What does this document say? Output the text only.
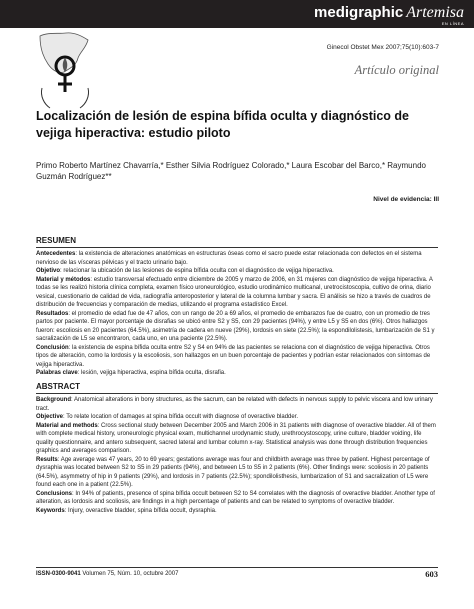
medigraphic Artemisa
EN LÍNEA
Ginecol Obstet Mex 2007;75(10):603-7
Artículo original
Localización de lesión de espina bífida oculta y diagnóstico de vejiga hiperactiva: estudio piloto
Primo Roberto Martínez Chavarría,* Esther Silvia Rodríguez Colorado,* Laura Escobar del Barco,* Raymundo Guzmán Rodríguez**
Nivel de evidencia: III
RESUMEN

Antecedentes: la existencia de alteraciones anatómicas en estructuras óseas como el sacro puede estar relacionada con defectos en el sistema nervioso de las vísceras pélvicas y el tracto urinario bajo.

Objetivo: relacionar la ubicación de las lesiones de espina bífida oculta con el diagnóstico de vejiga hiperactiva.

Material y métodos: estudio transversal efectuado entre diciembre de 2005 y marzo de 2006, en 31 mujeres con diagnóstico de vejiga hiperactiva. A todas se les realizó historia clínica completa, examen físico uroneurológico, estudio urodinámico multicanal, uretrocistoscopia, cultivo de orina, diario vesical, cuestionario de calidad de vida, radiografía anteroposterior y lateral de la columna lumbar y sacra. El análisis se hizo a través de cuadros de distribución de frecuencias y comparación de medias, utilizando el programa estadístico Excel.

Resultados: el promedio de edad fue de 47 años, con un rango de 20 a 69 años, el promedio de embarazos fue de cuatro, con un promedio de tres partos por paciente. El mayor porcentaje de disrafias se ubicó entre S2 y S5, con 29 pacientes (94%), y entre L5 y S5 en dos (6%). Otros hallazgos fueron: escoliosis en 20 pacientes (64.5%), asimetría de cadera en nueve (29%), lordosis en siete (22.5%); la espondilolistesis, lumbarización de S1 y sacralización de L5 se encontraron, cada uno, en una paciente (22.5%).

Conclusión: la existencia de espina bífida oculta entre S2 y S4 en 94% de las pacientes se relaciona con el diagnóstico de vejiga hiperactiva. Otros tipos de alteración, como la lordosis y la escoliosis, son hallazgos en un buen porcentaje de pacientes y podrían estar relacionados con síntomas de vejiga hiperactiva.

Palabras clave: lesión, vejiga hiperactiva, espina bífida oculta, disrafia.

ABSTRACT

Background: Anatomical alterations in bony structures, as the sacrum, can be related with defects in nervous supply to pelvic viscera and low urinary tract.

Objective: To relate location of damages at spina bífida occult with diagnose of overactive bladder.

Material and methods: Cross sectional study between December 2005 and March 2006 in 31 patients with diagnose of overactive bladder. All of them with complete medical history, uroneurologic physical exam, multichannel urodynamic study, urethrocystoscopy, urine culture, bladder voiding, life quality questionnaire, and antero subsequent, sacred lateral and lumbar column x-ray. Statistical analysis was done through distribution frequencies graphics and averages comparison.

Results: Age average was 47 years, 20 to 69 years; gestations average was four and childbirth average was three by patient. Highest percentage of dysraphia was located between S2 to S5 in 29 patients (94%), and between L5 to S5 in 2 patients (6%). Other findings were: scoliosis in 20 patients (64.5%), asymmetry of hip in 9 patients (29%), and lordosis in 7 patients (22.5%); spondilolisthesis, lumbarization of S1 and sacralization of L5 were found each one in a patient (22.5%).

Conclusions: In 94% of patients, presence of spina bífida occult between S2 to S4 correlates with the diagnosis of overactive bladder. Another type of alteration, as lordosis and scoliosis, are findings in a high percentage of patients and can be related to symptoms of overactive bladder.

Keywords: Injury, overactive bladder, spina bífida occult, dysraphia.

ISSN-0300-9041 Volumen 75, Núm. 10, octubre 2007	603
